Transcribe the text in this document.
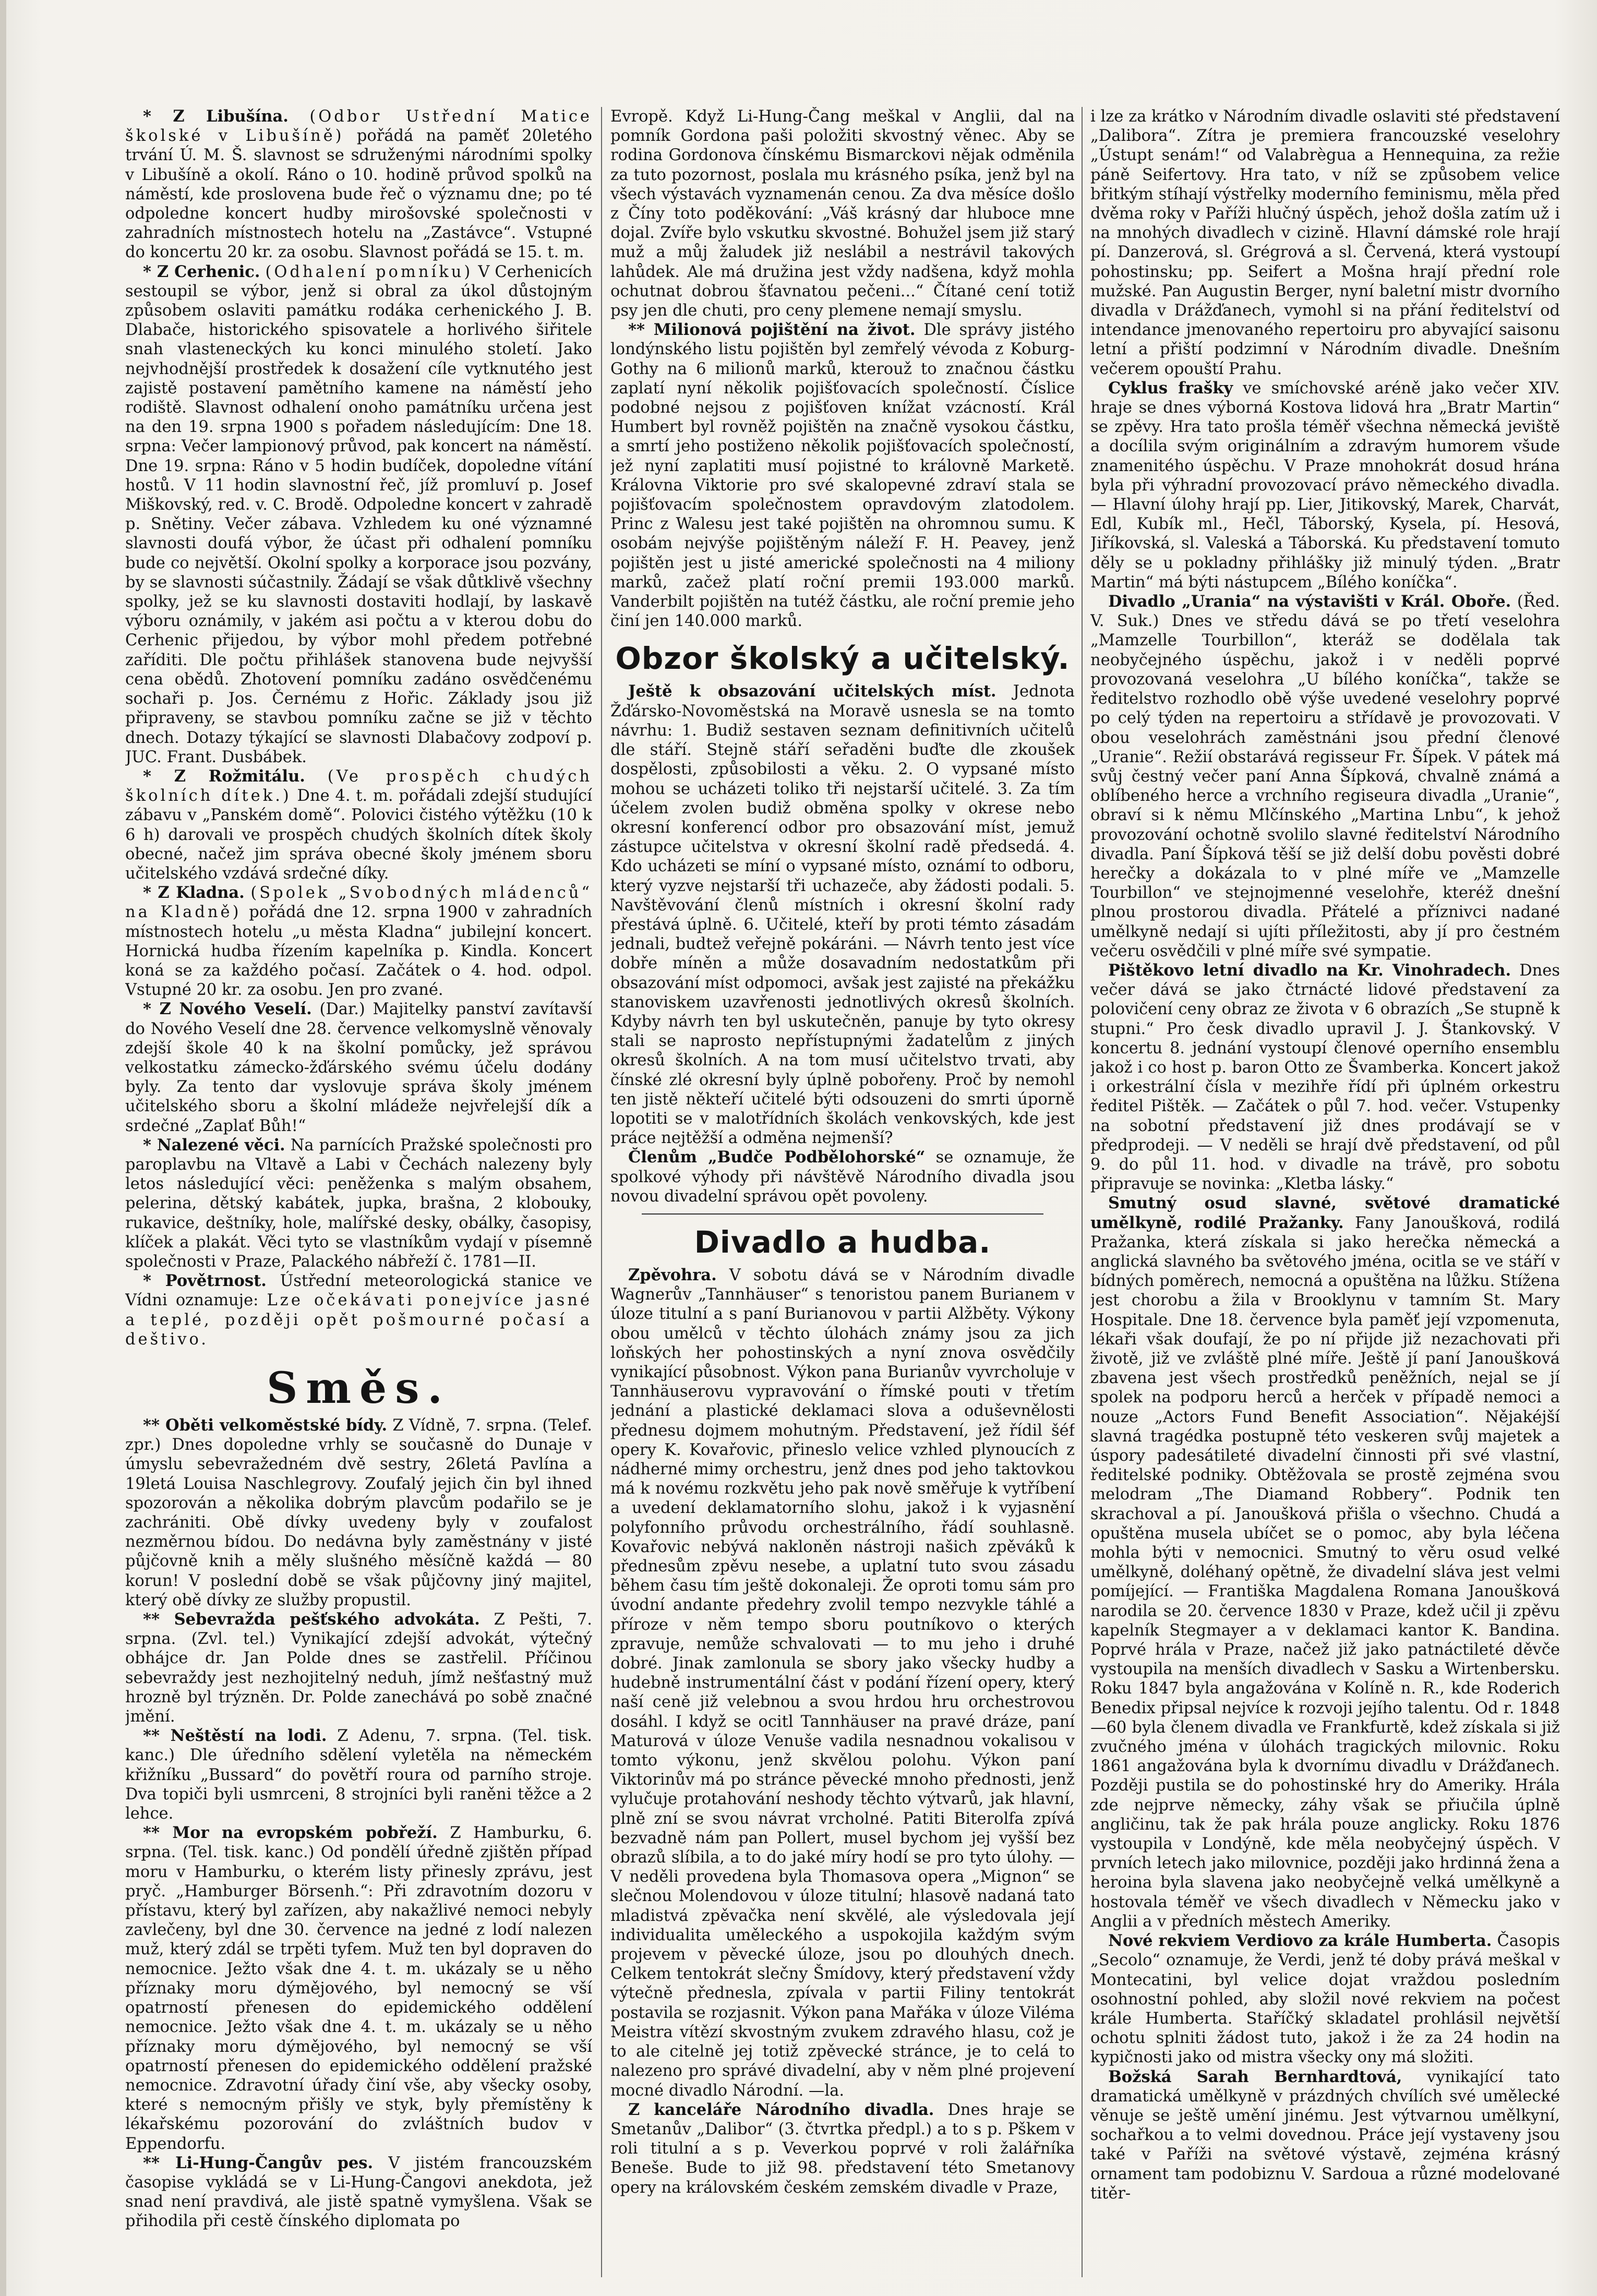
* Z Libušína. (Odbor Ustřední Matice školské v Libušíně) pořádá na paměť 20letého trvání Ú. M. Š. slavnost se sdruženými národními spolky v Libušíně a okolí. Ráno o 10. hodině průvod spolků na náměstí, kde proslovena bude řeč o významu dne; po té odpoledne koncert hudby mirošovské společnosti v zahradních místnostech hotelu na „Zastávce“. Vstupné do koncertu 20 kr. za osobu. Slavnost pořádá se 15. t. m.

* Z Cerhenic. (Odhalení pomníku) V Cerhenicích sestoupil se výbor, jenž si obral za úkol důstojným způsobem oslaviti památku rodáka cerhenického J. B. Dlabače, historického spisovatele a horlivého šiřitele snah vlasteneckých ku konci minulého století. Jako nejvhodnější prostředek k dosažení cíle vytknutého jest zajistě postavení pamětního kamene na náměstí jeho rodiště. Slavnost odhalení onoho památníku určena jest na den 19. srpna 1900 s pořadem následujícím: Dne 18. srpna: Večer lampionový průvod, pak koncert na náměstí. Dne 19. srpna: Ráno v 5 hodin budíček, dopoledne vítání hostů. V 11 hodin slavnostní řeč, jíž promluví p. Josef Miškovský, red. v. C. Brodě. Odpoledne koncert v zahradě p. Snětiny. Večer zábava. Vzhledem ku oné významné slavnosti doufá výbor, že účast při odhalení pomníku bude co největší. Okolní spolky a korporace jsou pozvány, by se slavnosti súčastnily. Žádají se však důtklivě všechny spolky, jež se ku slavnosti dostaviti hodlají, by laskavě výboru oznámily, v jakém asi počtu a v kterou dobu do Cerhenic přijedou, by výbor mohl předem potřebné zaříditi. Dle počtu přihlášek stanovena bude nejvyšší cena obědů. Zhotovení pomníku zadáno osvědčenému sochaři p. Jos. Černému z Hořic. Základy jsou již připraveny, se stavbou pomníku začne se již v těchto dnech. Dotazy týkající se slavnosti Dlabačovy zodpoví p. JUC. Frant. Dusbábek.

* Z Rožmitálu. (Ve prospěch chudých školních dítek.) Dne 4. t. m. pořádali zdejší studující zábavu v „Panském domě“. Polovici čistého výtěžku (10 k 6 h) darovali ve prospěch chudých školních dítek školy obecné, načež jim správa obecné školy jménem sboru učitelského vzdává srdečné díky.

* Z Kladna. (Spolek „Svobodných mládenců“ na Kladně) pořádá dne 12. srpna 1900 v zahradních místnostech hotelu „u města Kladna“ jubilejní koncert. Hornická hudba řízením kapelníka p. Kindla. Koncert koná se za každého počasí. Začátek o 4. hod. odpol. Vstupné 20 kr. za osobu. Jen pro zvané.

* Z Nového Veselí. (Dar.) Majitelky panství zavítavší do Nového Veselí dne 28. července velkomyslně věnovaly zdejší škole 40 k na školní pomůcky, jež správou velkostatku zámecko-žďárského svému účelu dodány byly. Za tento dar vyslovuje správa školy jménem učitelského sboru a školní mládeže nejvřelejší dík a srdečné „Zaplať Bůh!“

* Nalezené věci. Na parnících Pražské společnosti pro paroplavbu na Vltavě a Labi v Čechách nalezeny byly letos následující věci: peněženka s malým obsahem, pelerina, dětský kabátek, jupka, brašna, 2 klobouky, rukavice, deštníky, hole, malířské desky, obálky, časopisy, klíček a plakát. Věci tyto se vlastníkům vydají v písemně společnosti v Praze, Palackého nábřeží č. 1781—II.

* Povětrnost. Ústřední meteorologická stanice ve Vídni oznamuje: Lze očekávati ponejvíce jasné a teplé, později opět pošmourné počasí a deštivo.

Směs.

** Oběti velkoměstské bídy. Z Vídně, 7. srpna. (Telef. zpr.) Dnes dopoledne vrhly se současně do Dunaje v úmyslu sebevražedném dvě sestry, 26letá Pavlína a 19letá Louisa Naschlegrovy. Zoufalý jejich čin byl ihned spozorován a několika dobrým plavcům podařilo se je zachrániti. Obě dívky uvedeny byly v zoufalost nezměrnou bídou. Do nedávna byly zaměstnány v jisté půjčovně knih a měly slušného měsíčně každá — 80 korun! V poslední době se však půjčovny jiný majitel, který obě dívky ze služby propustil.

** Sebevražda pešťského advokáta. Z Pešti, 7. srpna. (Zvl. tel.) Vynikající zdejší advokát, výtečný obhájce dr. Jan Polde dnes se zastřelil. Příčinou sebevraždy jest nezhojitelný neduh, jímž nešťastný muž hrozně byl trýzněn. Dr. Polde zanechává po sobě značné jmění.

** Neštěstí na lodi. Z Adenu, 7. srpna. (Tel. tisk. kanc.) Dle úředního sdělení vyletěla na německém křižníku „Bussard“ do povětří roura od parního stroje. Dva topiči byli usmrceni, 8 strojníci byli raněni těžce a 2 lehce.

** Mor na evropském pobřeží. Z Hamburku, 6. srpna. (Tel. tisk. kanc.) Od pondělí úředně zjištěn případ moru v Hamburku, o kterém listy přinesly zprávu, jest pryč. „Hamburger Börsenh.“: Při zdravotním dozoru v přístavu, který byl zařízen, aby nakažlivé nemoci nebyly zavlečeny, byl dne 30. července na jedné z lodí nalezen muž, který zdál se trpěti tyfem. Muž ten byl dopraven do nemocnice. Ježto však dne 4. t. m. ukázaly se u něho příznaky moru dýmějového, byl nemocný se vší opatrností přenesen do epidemického oddělení nemocnice. Ježto však dne 4. t. m. ukázaly se u něho příznaky moru dýmějového, byl nemocný se vší opatrností přenesen do epidemického oddělení pražské nemocnice. Zdravotní úřady činí vše, aby všecky osoby, které s nemocným přišly ve styk, byly přemístěny k lékařskému pozorování do zvláštních budov v Eppendorfu.

** Li-Hung-Čangův pes. V jistém francouzském časopise vykládá se v Li-Hung-Čangovi anekdota, jež snad není pravdivá, ale jistě spatně vymyšlena. Však se přihodila při cestě čínského diplomata po

Evropě. Když Li-Hung-Čang meškal v Anglii, dal na pomník Gordona paši položiti skvostný věnec. Aby se rodina Gordonova čínskému Bismarckovi nějak odměnila za tuto pozornost, poslala mu krásného psíka, jenž byl na všech výstavách vyznamenán cenou. Za dva měsíce došlo z Číny toto poděkování: „Váš krásný dar hluboce mne dojal. Zvíře bylo vskutku skvostné. Bohužel jsem již starý muž a můj žaludek již neslábil a nestrávil takových lahůdek. Ale má družina jest vždy nadšena, když mohla ochutnat dobrou šťavnatou pečeni...“ Čítané cení totiž psy jen dle chuti, pro ceny plemene nemají smyslu.

** Milionová pojištění na život. Dle správy jistého londýnského listu pojištěn byl zemřelý vévoda z Koburg-Gothy na 6 milionů marků, kterouž to značnou částku zaplatí nyní několik pojišťovacích společností. Číslice podobné nejsou z pojišťoven knížat vzácností. Král Humbert byl rovněž pojištěn na značně vysokou částku, a smrtí jeho postiženo několik pojišťovacích společností, jež nyní zaplatiti musí pojistné to královně Marketě. Královna Viktorie pro své skalopevné zdraví stala se pojišťovacím společnostem opravdovým zlatodolem. Princ z Walesu jest také pojištěn na ohromnou sumu. K osobám nejvýše pojištěným náleží F. H. Peavey, jenž pojištěn jest u jisté americké společnosti na 4 miliony marků, začež platí roční premii 193.000 marků. Vanderbilt pojištěn na tutéž částku, ale roční premie jeho činí jen 140.000 marků.

Obzor školský a učitelský.

Ještě k obsazování učitelských míst. Jednota Žďársko-Novoměstská na Moravě usnesla se na tomto návrhu: 1. Budiž sestaven seznam definitivních učitelů dle stáří. Stejně stáří seřaděni buďte dle zkoušek dospělosti, způsobilosti a věku. 2. O vypsané místo mohou se ucházeti toliko tři nejstarší učitelé. 3. Za tím účelem zvolen budiž obměna spolky v okrese nebo okresní konferencí odbor pro obsazování míst, jemuž zástupce učitelstva v okresní školní radě předsedá. 4. Kdo ucházeti se míní o vypsané místo, oznámí to odboru, který vyzve nejstarší tři uchazeče, aby žádosti podali. 5. Navštěvování členů místních i okresní školní rady přestává úplně. 6. Učitelé, kteří by proti témto zásadám jednali, budtež veřejně pokáráni. — Návrh tento jest více dobře míněn a může dosavadním nedostatkům při obsazování míst odpomoci, avšak jest zajisté na překážku stanoviskem uzavřenosti jednotlivých okresů školních. Kdyby návrh ten byl uskutečněn, panuje by tyto okresy stali se naprosto nepřístupnými žadatelům z jiných okresů školních. A na tom musí učitelstvo trvati, aby čínské zlé okresní byly úplně pobořeny. Proč by nemohl ten jistě někteří učitelé býti odsouzeni do smrti úporně lopotiti se v malotřídních školách venkovských, kde jest práce nejtěžší a odměna nejmenší?

Členům „Budče Podbělohorské“ se oznamuje, že spolkové výhody při návštěvě Národního divadla jsou novou divadelní správou opět povoleny.

Divadlo a hudba.

Zpěvohra. V sobotu dává se v Národním divadle Wagnerův „Tannhäuser“ s tenoristou panem Burianem v úloze titulní a s paní Burianovou v partii Alžběty. Výkony obou umělců v těchto úlohách známy jsou za jich loňských her pohostinských a nyní znova osvědčily vynikající působnost. Výkon pana Burianův vyvrcholuje v Tannhäuserovu vypravování o římské pouti v třetím jednání a plastické deklamaci slova a oduševnělosti přednesu dojmem mohutným. Představení, jež řídil šéf opery K. Kovařovic, přineslo velice vzhled plynoucích z nádherné mimy orchestru, jenž dnes pod jeho taktovkou má k novému rozkvětu jeho pak nově směřuje k vytříbení a uvedení deklamatorního slohu, jakož i k vyjasnění polyfonního průvodu orchestrálního, řádí souhlasně. Kovařovic nebývá nakloněn nástroji našich zpěváků k přednesům zpěvu nesebe, a uplatní tuto svou zásadu během času tím ještě dokonaleji. Že oproti tomu sám pro úvodní andante předehry zvolil tempo nezvykle táhlé a příroze v něm tempo sboru poutníkovo o kterých zpravuje, nemůže schvalovati — to mu jeho i druhé dobré. Jinak zamlonula se sbory jako všecky hudby a hudebně instrumentální část v podání řízení opery, který naší ceně již velebnou a svou hrdou hru orchestrovou dosáhl. I když se ocitl Tannhäuser na pravé dráze, paní Maturová v úloze Venuše vadila nesnadnou vokalisou v tomto výkonu, jenž skvělou polohu. Výkon paní Viktorinův má po stránce pěvecké mnoho přednosti, jenž vylučuje protahování neshody těchto výtvarů, jak hlavní, plně zní se svou návrat vrcholné. Patiti Biterolfa zpívá bezvadně nám pan Pollert, musel bychom jej vyšší bez obrazů slíbila, a to do jaké míry hodí se pro tyto úlohy. — V neděli provedena byla Thomasova opera „Mignon“ se slečnou Molendovou v úloze titulní; hlasově nadaná tato mladistvá zpěvačka není skvělé, ale výsledovala její individualita uměleckého a uspokojila každým svým projevem v pěvecké úloze, jsou po dlouhých dnech. Celkem tentokrát slečny Šmídovy, který představení vždy výtečně přednesla, zpívala v partii Filiny tentokrát postavila se rozjasnit. Výkon pana Mařáka v úloze Viléma Meistra vítězí skvostným zvukem zdravého hlasu, což je to ale citelně jej totiž zpěvecké stránce, je to celá to nalezeno pro správé divadelní, aby v něm plné projevení mocné divadlo Národní. —la.

Z kanceláře Národního divadla. Dnes hraje se Smetanův „Dalibor“ (3. čtvrtka předpl.) a to s p. Pškem v roli titulní a s p. Veverkou poprvé v roli žalářníka Beneše. Bude to již 98. představení této Smetanovy opery na královském českém zemském divadle v Praze,

i lze za krátko v Národním divadle oslaviti sté představení „Dalibora“. Zítra je premiera francouzské veselohry „Ústupt senám!“ od Valabrègua a Hennequina, za režie páně Seifertovy. Hra tato, v níž se způsobem velice břitkým stíhají výstřelky moderního feminismu, měla před dvěma roky v Paříži hlučný úspěch, jehož došla zatím už i na mnohých divadlech v cizině. Hlavní dámské role hrají pí. Danzerová, sl. Grégrová a sl. Červená, která vystoupí pohostinsku; pp. Seifert a Mošna hrají přední role mužské. Pan Augustin Berger, nyní baletní mistr dvorního divadla v Drážďanech, vymohl si na přání ředitelství od intendance jmenovaného repertoiru pro abyvající saisonu letní a přiští podzimní v Národním divadle. Dnešním večerem opouští Prahu.

Cyklus frašky ve smíchovské aréně jako večer XIV. hraje se dnes výborná Kostova lidová hra „Bratr Martin“ se zpěvy. Hra tato prošla téměř všechna německá jeviště a docílila svým originálním a zdravým humorem všude znamenitého úspěchu. V Praze mnohokrát dosud hrána byla při výhradní provozovací právo německého divadla. — Hlavní úlohy hrají pp. Lier, Jitikovský, Marek, Charvát, Edl, Kubík ml., Hečl, Táborský, Kysela, pí. Hesová, Jiříkovská, sl. Valeská a Táborská. Ku představení tomuto děly se u pokladny přihlášky již minulý týden. „Bratr Martin“ má býti nástupcem „Bílého koníčka“.

Divadlo „Urania“ na výstavišti v Král. Oboře. (Řed. V. Suk.) Dnes ve středu dává se po třetí veselohra „Mamzelle Tourbillon“, kteráž se dodělala tak neobyčejného úspěchu, jakož i v neděli poprvé provozovaná veselohra „U bílého koníčka“, takže se ředitelstvo rozhodlo obě výše uvedené veselohry poprvé po celý týden na repertoiru a střídavě je provozovati. V obou veselohrách zaměstnáni jsou přední členové „Uranie“. Režií obstarává regisseur Fr. Šípek. V pátek má svůj čestný večer paní Anna Šípková, chvalně známá a oblíbeného herce a vrchního regiseura divadla „Uranie“, obraví si k němu Mlčínského „Martina Lnbu“, k jehož provozování ochotně svolilo slavné ředitelství Národního divadla. Paní Šípková těší se již delší dobu pověsti dobré herečky a dokázala to v plné míře ve „Mamzelle Tourbillon“ ve stejnojmenné veselohře, kteréž dnešní plnou prostorou divadla. Přátelé a příznivci nadané umělkyně nedají si ujíti příležitosti, aby jí pro čestném večeru osvědčili v plné míře své sympatie.

Pištěkovo letní divadlo na Kr. Vinohradech. Dnes večer dává se jako čtrnácté lidové představení za polovičení ceny obraz ze života v 6 obrazích „Se stupně k stupni.“ Pro česk divadlo upravil J. J. Štankovský. V koncertu 8. jednání vystoupí členové operního ensemblu jakož i co host p. baron Otto ze Švamberka. Koncert jakož i orkestrální čísla v mezihře řídí při úplném orkestru ředitel Pištěk. — Začátek o půl 7. hod. večer. Vstupenky na sobotní představení již dnes prodávají se v předprodeji. — V neděli se hrají dvě představení, od půl 9. do půl 11. hod. v divadle na trávě, pro sobotu připravuje se novinka: „Kletba lásky.“

Smutný osud slavné, světové dramatické umělkyně, rodilé Pražanky. Fany Janoušková, rodilá Pražanka, která získala si jako herečka německá a anglická slavného ba světového jména, ocitla se ve stáří v bídných poměrech, nemocná a opuštěna na lůžku. Stížena jest chorobu a žila v Brooklynu v tamním St. Mary Hospitale. Dne 18. července byla paměť její vzpomenuta, lékaři však doufají, že po ní přijde již nezachovati při životě, již ve zvláště plné míře. Ještě jí paní Janoušková zbavena jest všech prostředků peněžních, nejal se jí spolek na podporu herců a herček v případě nemoci a nouze „Actors Fund Benefit Association“. Nějakéjší slavná tragédka postupně této veskeren svůj majetek a úspory padesátileté divadelní činnosti při své vlastní, ředitelské podniky. Obtěžovala se prostě zejména svou melodram „The Diamand Robbery“. Podnik ten skrachoval a pí. Janoušková přišla o všechno. Chudá a opuštěna musela ubíčet se o pomoc, aby byla léčena mohla býti v nemocnici. Smutný to věru osud velké umělkyně, doléhaný opětně, že divadelní sláva jest velmi pomíjející. — Františka Magdalena Romana Janoušková narodila se 20. července 1830 v Praze, kdež učil ji zpěvu kapelník Stegmayer a v deklamaci kantor K. Bandina. Poprvé hrála v Praze, načež již jako patnáctileté děvče vystoupila na menších divadlech v Sasku a Wirtenbersku. Roku 1847 byla angažována v Kolíně n. R., kde Roderich Benedix připsal nejvíce k rozvoji jejího talentu. Od r. 1848—60 byla členem divadla ve Frankfurtě, kdež získala si již zvučného jména v úlohách tragických milovnic. Roku 1861 angažována byla k dvornímu divadlu v Drážďanech. Později pustila se do pohostinské hry do Ameriky. Hrála zde nejprve německy, záhy však se přiučila úplně angličinu, tak že pak hrála pouze anglicky. Roku 1876 vystoupila v Londýně, kde měla neobyčejný úspěch. V prvních letech jako milovnice, později jako hrdinná žena a heroina byla slavena jako neobyčejně velká umělkyně a hostovala téměř ve všech divadlech v Německu jako v Anglii a v předních městech Ameriky.

Nové rekviem Verdiovo za krále Humberta. Časopis „Secolo“ oznamuje, že Verdi, jenž té doby prává meškal v Montecatini, byl velice dojat vraždou posledním osohnostní pohled, aby složil nové rekviem na počest krále Humberta. Staříčký skladatel prohlásil největší ochotu splniti žádost tuto, jakož i že za 24 hodin na kypičnosti jako od mistra všecky ony má složiti.

Božská Sarah Bernhardtová, vynikající tato dramatická umělkyně v prázdných chvílích své umělecké věnuje se ještě umění jinému. Jest výtvarnou umělkyní, sochařkou a to velmi dovednou. Práce její vystaveny jsou také v Paříži na světové výstavě, zejména krásný ornament tam podobiznu V. Sardoua a různé modelované titěr-
